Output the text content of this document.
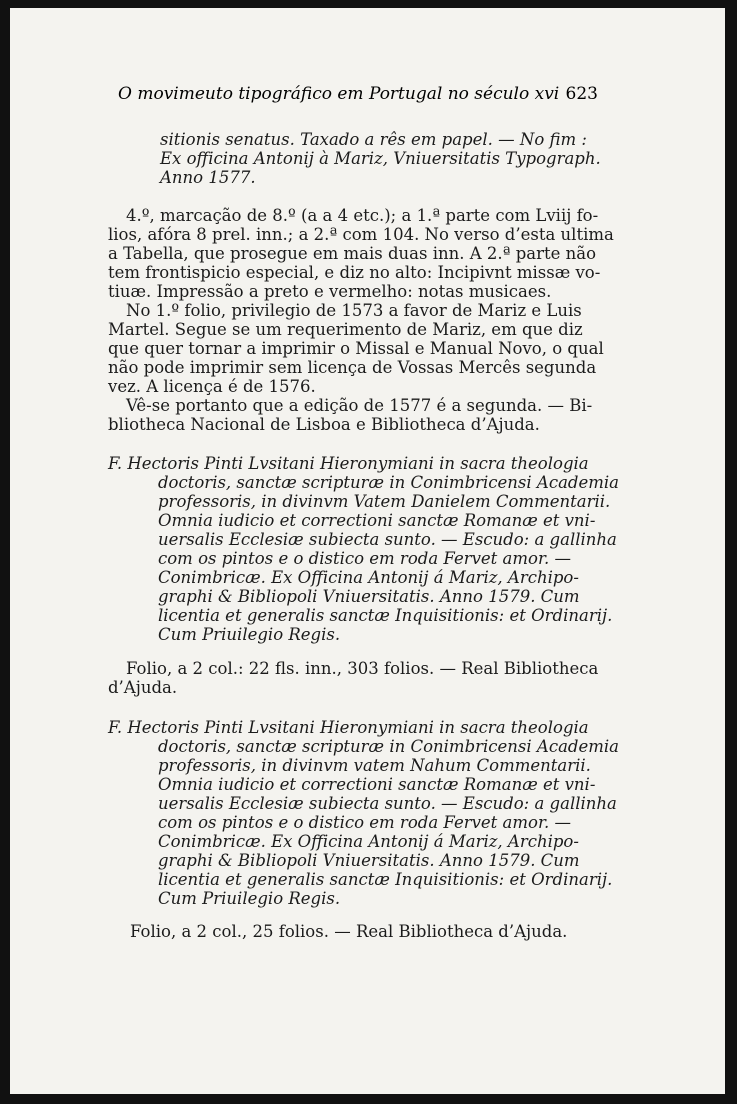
O movimeuto tipográfico em Portugal no século xvi 623

sitionis senatus. Taxado a rês em papel. — No fim :

Ex officina Antonij à Mariz, Vniuersitatis Typograph.

Anno 1577.

4.º, marcação de 8.º (a a 4 etc.); a 1.ª parte com Lviij fo-

lios, afóra 8 prel. inn.; a 2.ª com 104. No verso d’esta ultima

a Tabella, que prosegue em mais duas inn. A 2.ª parte não

tem frontispicio especial, e diz no alto: Incipivnt missæ vo-

tiuæ. Impressão a preto e vermelho: notas musicaes.

No 1.º folio, privilegio de 1573 a favor de Mariz e Luis

Martel. Segue se um requerimento de Mariz, em que diz

que quer tornar a imprimir o Missal e Manual Novo, o qual

não pode imprimir sem licença de Vossas Mercês segunda

vez. A licença é de 1576.

Vê-se portanto que a edição de 1577 é a segunda. — Bi-

bliotheca Nacional de Lisboa e Bibliotheca d’Ajuda.

F. Hectoris Pinti Lvsitani Hieronymiani in sacra theologia

doctoris, sanctæ scripturæ in Conimbricensi Academia

professoris, in divinvm Vatem Danielem Commentarii.

Omnia iudicio et correctioni sanctæ Romanæ et vni-

uersalis Ecclesiæ subiecta sunto. — Escudo: a gallinha

com os pintos e o distico em roda Fervet amor. —

Conimbricæ. Ex Officina Antonij á Mariz, Archipo-

graphi & Bibliopoli Vniuersitatis. Anno 1579. Cum

licentia et generalis sanctæ Inquisitionis: et Ordinarij.

Cum Priuilegio Regis.

Folio, a 2 col.: 22 fls. inn., 303 folios. — Real Bibliotheca

d’Ajuda.

F. Hectoris Pinti Lvsitani Hieronymiani in sacra theologia

doctoris, sanctæ scripturæ in Conimbricensi Academia

professoris, in divinvm vatem Nahum Commentarii.

Omnia iudicio et correctioni sanctæ Romanæ et vni-

uersalis Ecclesiæ subiecta sunto. — Escudo: a gallinha

com os pintos e o distico em roda Fervet amor. —

Conimbricæ. Ex Officina Antonij á Mariz, Archipo-

graphi & Bibliopoli Vniuersitatis. Anno 1579. Cum

licentia et generalis sanctæ Inquisitionis: et Ordinarij.

Cum Priuilegio Regis.

Folio, a 2 col., 25 folios. — Real Bibliotheca d’Ajuda.
